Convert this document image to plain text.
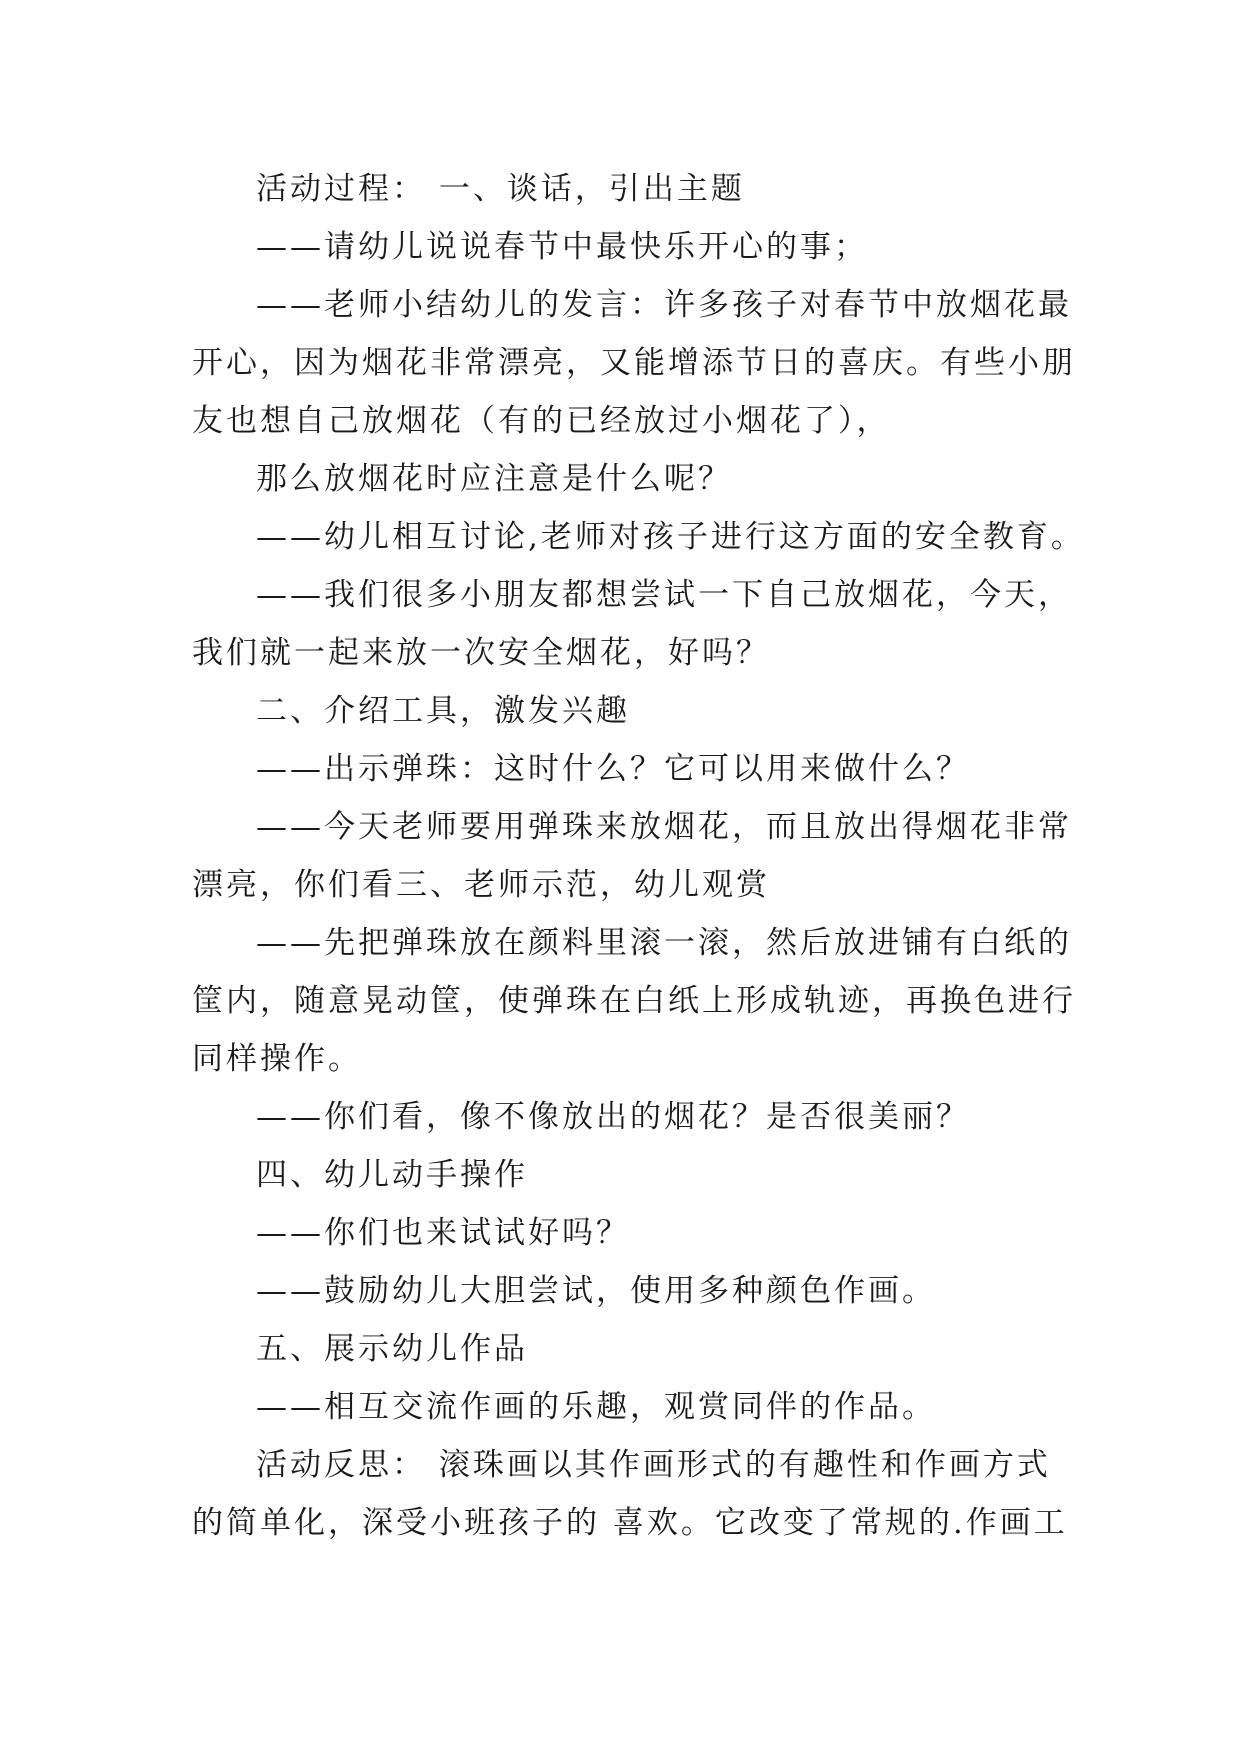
活动过程： 一、谈话，引出主题
——请幼儿说说春节中最快乐开心的事；
——老师小结幼儿的发言：许多孩子对春节中放烟花最
开心，因为烟花非常漂亮，又能增添节日的喜庆。有些小朋
友也想自己放烟花（有的已经放过小烟花了），
那么放烟花时应注意是什么呢？
——幼儿相互讨论,老师对孩子进行这方面的安全教育。
——我们很多小朋友都想尝试一下自己放烟花，今天，
我们就一起来放一次安全烟花，好吗？
二、介绍工具，激发兴趣
——出示弹珠：这时什么？它可以用来做什么？
——今天老师要用弹珠来放烟花，而且放出得烟花非常
漂亮，你们看三、老师示范，幼儿观赏
——先把弹珠放在颜料里滚一滚，然后放进铺有白纸的
筐内，随意晃动筐，使弹珠在白纸上形成轨迹，再换色进行
同样操作。
——你们看，像不像放出的烟花？是否很美丽？
四、幼儿动手操作
——你们也来试试好吗？
——鼓励幼儿大胆尝试，使用多种颜色作画。
五、展示幼儿作品
——相互交流作画的乐趣，观赏同伴的作品。
活动反思： 滚珠画以其作画形式的有趣性和作画方式
的简单化，深受小班孩子的 喜欢。它改变了常规的.作画工
